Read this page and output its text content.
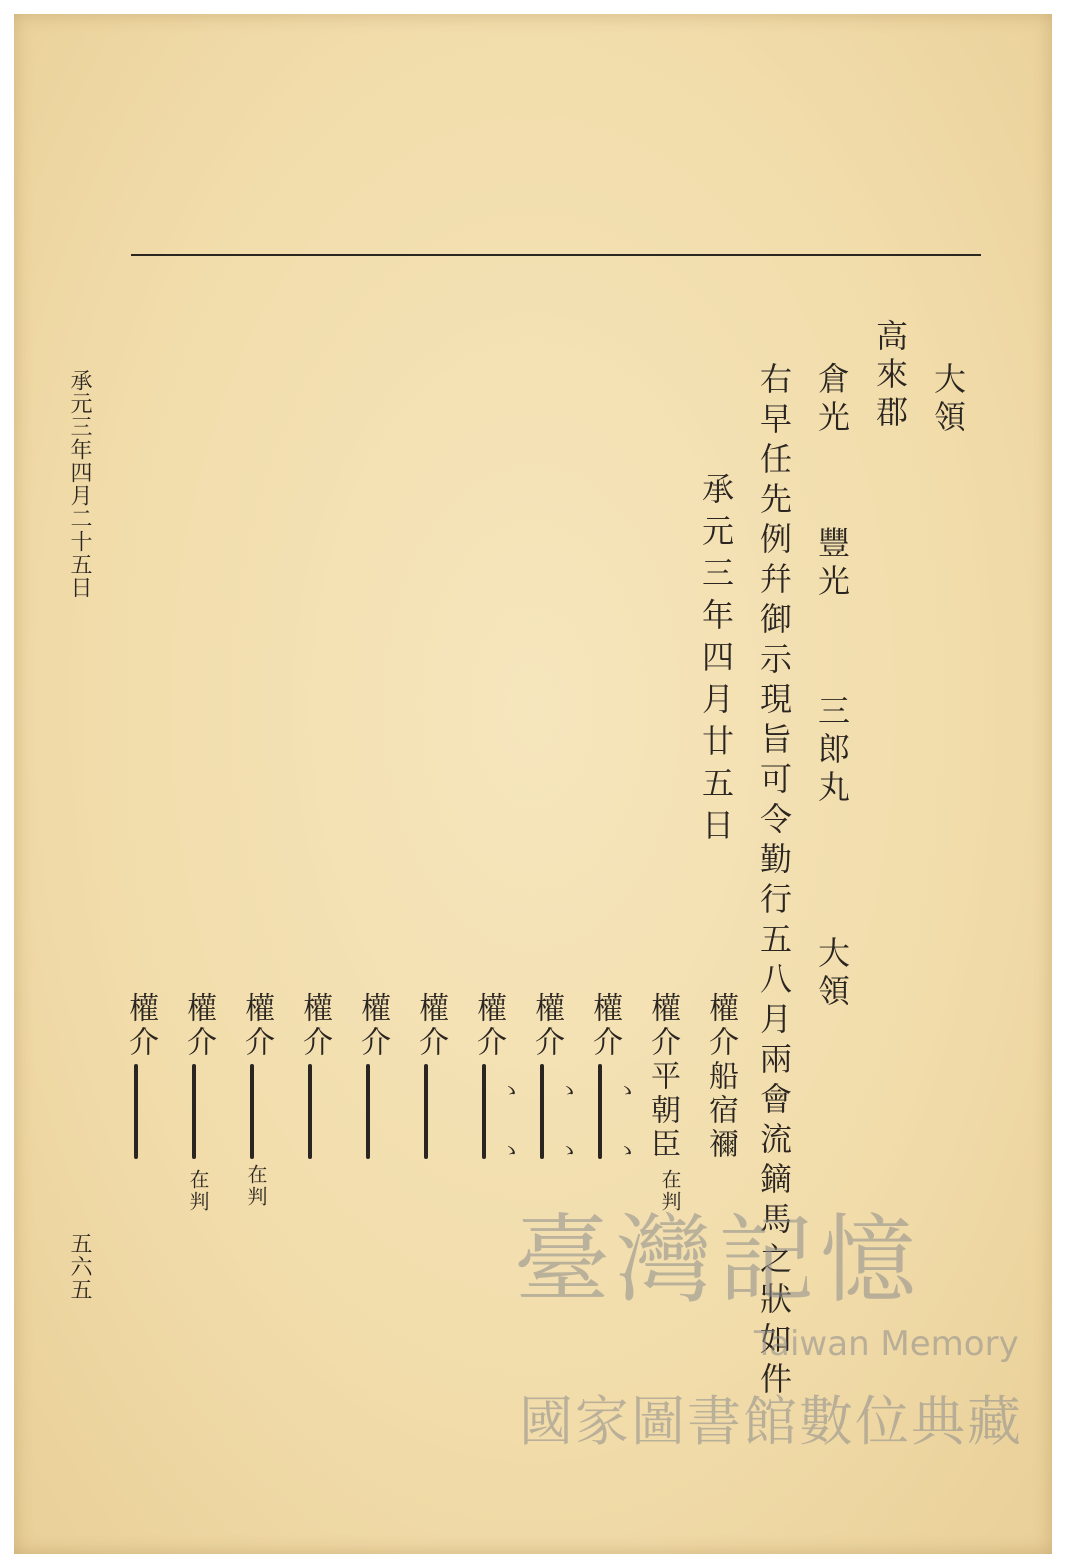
承元三年四月二十五日
五六五
大領
高來郡
倉光
豐光
三郎丸
大領
右早任先例幷御示現旨可令勤行五八月兩會流鏑馬之狀如件
承元三年四月廿五日
權介船宿禰
權介平朝臣
權介
權介
權介
權介
權介
權介
權介
權介
權介
在判
在判
在判
ゝ
ゝ
ゝ
ゝ
ゝ
ゝ
臺灣記憶
Taiwan Memory
國家圖書館數位典藏
